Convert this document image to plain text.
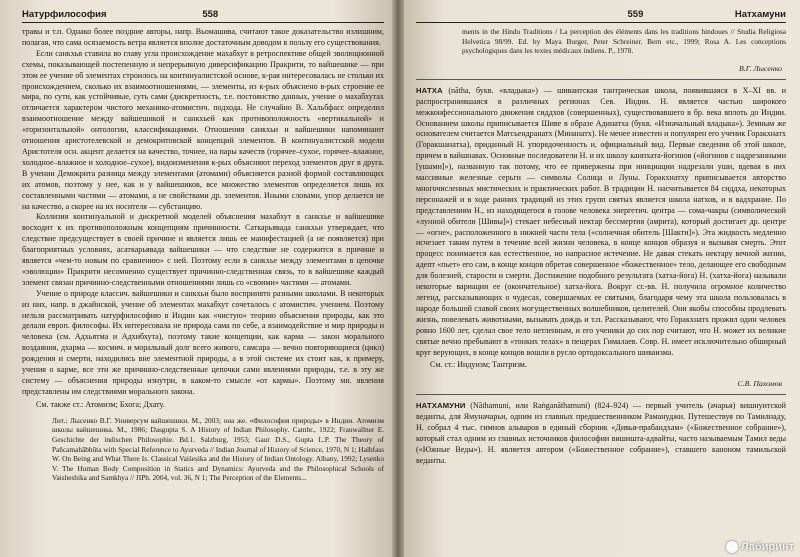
Натурфилософия	558

травы и т.п. Однако более поздние авторы, напр. Вьомашива, считают такое доказательство излишним, полагая, что сама осязаемость ветра является вполне достаточным доводом в пользу его существования.

Если санкхья ставила во главу угла происхождение махабхут в ретроспективе общей эволюционной схемы, показывающей постепенную и непрерывную диверсификацию Пракрити, то вайшешике — при этом ее учение об элементах строилось на континуалистской основе, к-рая интересовалась не столько их происхождением, сколько их взаимоотношениями, — элементы, из к-рых объяснено в-рых строение ее мира, по сути, как устойчивые, суть сами (дискретность, т.е. постоянство данных, учение о махабхутах отличается характером чистого механико-атомистич. подхода. Не случайно В. Хальбфасс определил взаимоотношение между вайшешикой и санкхьей как противоположность «вертикальной» и «горизонтальной» онтологии, классификациями. Отношения санкхьи и вайшешики напоминают отношения аристотелевской и демокритовской концепций элементов. В континуалистской модели Аристотеля осн. акцент делается на качество, точнее, на пары качеств (горячее–сухое, горячее–влажное, холодное–влажное и холодное–сухое), видоизменения к-рых объясняют переход элементов друг в друга. В учении Демокрита разница между элементами (атомами) объясняется разной формой составляющих их атомов, поэтому у нее, как и у вайшешиков, все множество элементов определяется лишь их составленными частями — атомами, а не свойствами др. элементов. Иными словами, упор делается не на качество, а скорее на их носителя — субстанцию.

Коллизия континуальной и дискретной моделей объяснения махабхут в санкхье и вайшешике восходит к их противоположным концепциям причинности. Саткарьявада санкхьи утверждает, что следствие предсуществует в своей причине и является лишь ее манифестацией (а не появляется) при благоприятных условиях, асаткарьявада вайшешики — что следствие не содержится в причине и является «чем-то новым по сравнению» с ней. Поэтому если в санкхье между элементами в цепочке «эволюции» Пракрити несомненно существует причинно-следственная связь, то в вайшешике каждый элемент связан причинно-следственными отношениями лишь со «своими» частями — атомами.

Учение о природе классич. вайшешики и санкхьи было воспринято разными школами. В некоторых из них, напр. в джайнской, учение об элементах махабхут сочеталось с атомистич. учением. Поэтому нельзя рассматривать натурфилософию в Индии как «чистую» теорию объяснения природы, как это делали европ. философы. Их интересовала не природа сама по себе, а взаимодействие и мир природы и человека (см. Адхьятма и Адхибхута), поэтому такие концепции, как карма — закон морального воздаяния, дхарма — космич. и моральный долг всего живого, самсара — вечно повторяющиеся (цикл) рождения и смерти, находились вне элементной природы, а в этой системе их стоит как, к примеру, учения о карме, все эти же причинно-следственные цепочки сами явлениями природы, т.е. в эту же систему — объяснения природы изнутри, в каком-то смысле «от кармы». Поэтому мн. явления представлены им следствиями морального закона.

См. также ст.: Атомизм; Бхога; Дхату.

Лит.: Лысенко В.Г. Универсум вайшешики. М., 2003; она же. «Философия природы» в Индии. Атомизм школы вайшешика. М., 1986; Dasgupta S. A History of Indian Philosophy. Cambr., 1922; Frauwallner E. Geschichte der indischen Philosophie. Bd.1. Salzburg, 1953; Gaur D.S., Gupta L.P. The Theory of Pañcamahābhūta with Special Reference to Ayurveda // Indian Journal of History of Science, 1970, N 1; Halbfass W. On Being and What There Is. Classical Vaiśeṣika and the History of Indian Ontology. Albany, 1992; Lysenko V. The Human Body Composition in Statics and Dynamics: Ayurveda and the Philosophical Schools of Vaisheshika and Samkhya // JIPh. 2004, vol. 36, N 1; The Perception of the Elements...

559	Натхамуни

ments in the Hindu Traditions / La perception des éléments dans les traditions hindoues // Studia Religiosa Helvetica 98/99. Ed. by Maya Burger, Peter Schreiner. Bern etc., 1999; Rosa A. Les conceptions psychologiques dans les textes médicaux indiens. P., 1978.

В.Г. Лысенко

НАТХА (nātha, букв. «владыка») — шиваитская тантрическая школа, появившаяся в X–XI вв. и распространившаяся в различных регионах Сев. Индии. Н. является частью широкого межконфессионального движения сиддхов (совершенных), существовавшего в бр. века вплоть до Индии. Основанием школы приписывается Шиве в образе Адинатха (букв. «Изначальный владыка»). Земным же основателем считается Матсьендранатх (Минанатх). Не менее известен и популярен его ученик Горакхнатх (Горакшанатха), приданный Н. упорядоченность и, официальный вид. Первые сведения об этой школе, причем в вайшнавах. Основные последователи Н. и их школу канпхата-йогинов («йогинов с надрезанными [ушами]»), названную так потому, что ее привержены при инициации надрезали уши, вдевая в них массивные железные серьги — символы Солнца и Луны. Горакхнатху приписывается авторство многочисленных мистических и практических работ. В традиции Н. насчитывается 84 сиддха, некоторых персонажей и в ходе ранних традиций из этих групп святых является школа натхов, и в вадхрание. По представлениям Н., из находящегося в голове человека энергетич. центра — сома-чакры (символической «лунной обители [Шивы]») стекает небесный нектар бессмертия (амрита), который достигает др. центре — «огне», расположенного в нижней части тела («солнечная обитель [Шакти]»). Эта жидкость медленно исчезает таким путем в течение всей жизни человека, в конце концов образуя и вызывая смерть. Этот процесс понимается как естественное, но напрасное истечение. Не давая стекать нектару вечной жизни, адепт «пьет» его сам, в конце концов обретая совершенное «божественное» тело, делающее его свободным для болезней, старости и смерти. Достижение подобного результата (хатха-йога) Н. (хатха-йога) называли некоторые вариации ее (окончательное) хатха-йога. Вокруг сг.-вв. Н. получила огромное количество легенд, рассказывающих о чудесах, совершаемых ее святыми, благодаря чему эта школа пользовалась в народе большой славой своих могущественных волшебников, целителей. Они якобы способны продлевать жизнь, повелевать животными, вызывать дождь и т.п. Рассказывают, что Горакхнатх прожил один человек ровно 1600 лет, сделал свое тело нетленным, и его ученики до сих пор считают, что Н. может их великие святые вечно пребывают в «тонких телах» в пещерах Гималаев. Совр. Н. имеет исключительно обширный круг верующих, в конце концов вошли в русло ортодоксального шиваизма.

См. ст.: Индуизм; Тантризм.

С.В. Пахомов

НАТХАМУНИ (Nāthamuni, или Raṅganāthamuni) (824–924) — первый учитель (ачарья) вишнуитской веданты, для Ямуначарьи, одним из главных предшественником Рамануджи. Путешествуя по Тамилнаду, Н. собрал 4 тыс. гимнов альваров в единый сборник «Дивья-прабандхам» («Божественное собрание»), который стал одним из главных источников философии вишишта-адвайты, часто называемым Тамил веды («Южные Веды»). Н. является автором («Божественное собрание»), ставшего каноном тамильской веданты.

Лабиринт
